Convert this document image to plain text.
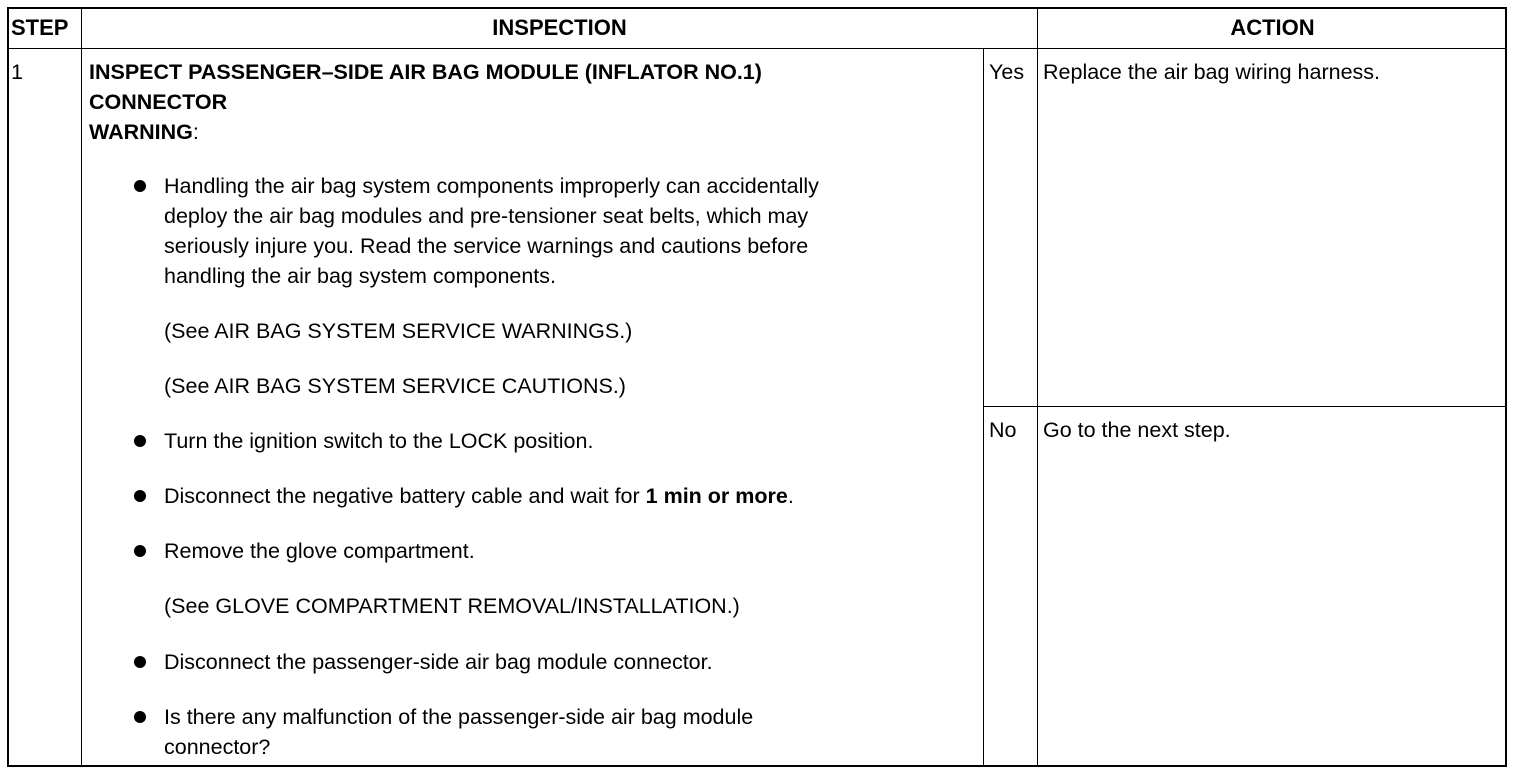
STEP	INSPECTION	ACTION
1	INSPECT PASSENGER–SIDE AIR BAG MODULE (INFLATOR NO.1)
CONNECTOR
WARNING:
Handling the air bag system components improperly can accidentally
deploy the air bag modules and pre-tensioner seat belts, which may
seriously injure you. Read the service warnings and cautions before
handling the air bag system components.
(See AIR BAG SYSTEM SERVICE WARNINGS.)
(See AIR BAG SYSTEM SERVICE CAUTIONS.)
Turn the ignition switch to the LOCK position.
Disconnect the negative battery cable and wait for 1 min or more.
Remove the glove compartment.
(See GLOVE COMPARTMENT REMOVAL/INSTALLATION.)
Disconnect the passenger-side air bag module connector.
Is there any malfunction of the passenger-side air bag module
connector?
Yes Replace the air bag wiring harness.
No Go to the next step.
